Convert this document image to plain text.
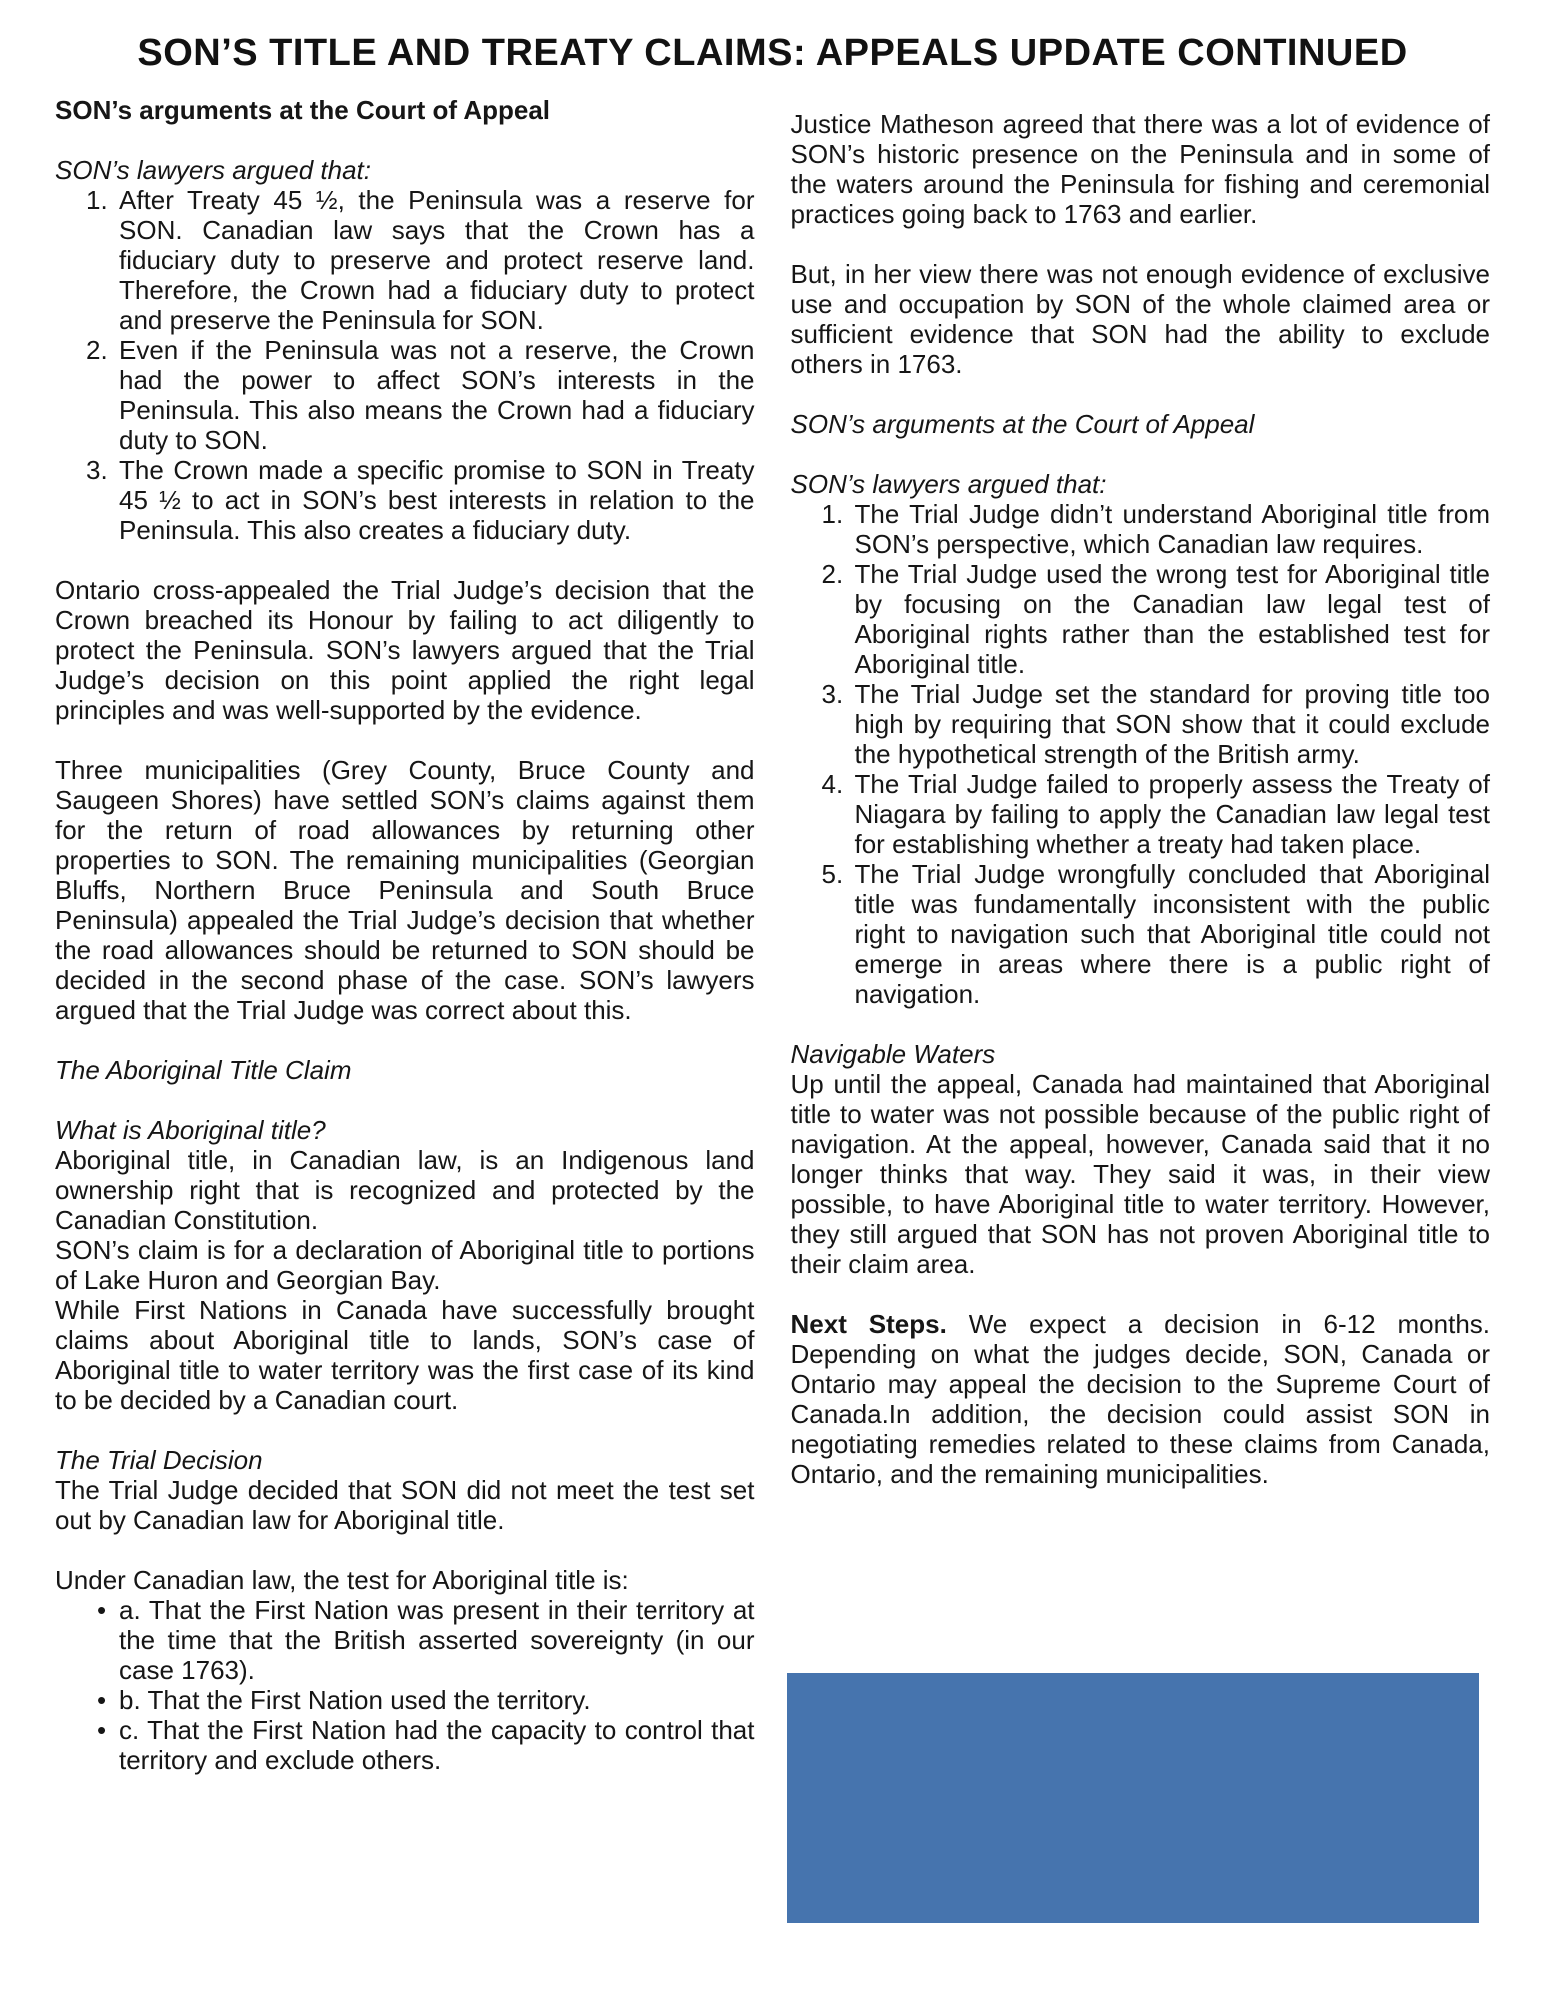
SON’S TITLE AND TREATY CLAIMS: APPEALS UPDATE CONTINUED

SON’s arguments at the Court of Appeal

SON’s lawyers argued that:

1. After Treaty 45 ½, the Peninsula was a reserve for SON. Canadian law says that the Crown has a fiduciary duty to preserve and protect reserve land. Therefore, the Crown had a fiduciary duty to protect and preserve the Peninsula for SON.
2. Even if the Peninsula was not a reserve, the Crown had the power to affect SON’s interests in the Peninsula. This also means the Crown had a fiduciary duty to SON.
3. The Crown made a specific promise to SON in Treaty 45 ½ to act in SON’s best interests in relation to the Peninsula. This also creates a fiduciary duty.

Ontario cross-appealed the Trial Judge’s decision that the Crown breached its Honour by failing to act diligently to protect the Peninsula. SON’s lawyers argued that the Trial Judge’s decision on this point applied the right legal principles and was well-supported by the evidence.

Three municipalities (Grey County, Bruce County and Saugeen Shores) have settled SON’s claims against them for the return of road allowances by returning other properties to SON. The remaining municipalities (Georgian Bluffs, Northern Bruce Peninsula and South Bruce Peninsula) appealed the Trial Judge’s decision that whether the road allowances should be returned to SON should be decided in the second phase of the case. SON’s lawyers argued that the Trial Judge was correct about this.

The Aboriginal Title Claim

What is Aboriginal title?

Aboriginal title, in Canadian law, is an Indigenous land ownership right that is recognized and protected by the Canadian Constitution.

SON’s claim is for a declaration of Aboriginal title to portions of Lake Huron and Georgian Bay.

While First Nations in Canada have successfully brought claims about Aboriginal title to lands, SON’s case of Aboriginal title to water territory was the first case of its kind to be decided by a Canadian court.

The Trial Decision

The Trial Judge decided that SON did not meet the test set out by Canadian law for Aboriginal title.

Under Canadian law, the test for Aboriginal title is:

• a. That the First Nation was present in their territory at the time that the British asserted sovereignty (in our case 1763).
• b. That the First Nation used the territory.
• c. That the First Nation had the capacity to control that territory and exclude others.

Justice Matheson agreed that there was a lot of evidence of SON’s historic presence on the Peninsula and in some of the waters around the Peninsula for fishing and ceremonial practices going back to 1763 and earlier.

But, in her view there was not enough evidence of exclusive use and occupation by SON of the whole claimed area or sufficient evidence that SON had the ability to exclude others in 1763.

SON’s arguments at the Court of Appeal

SON’s lawyers argued that:

1. The Trial Judge didn’t understand Aboriginal title from SON’s perspective, which Canadian law requires.
2. The Trial Judge used the wrong test for Aboriginal title by focusing on the Canadian law legal test of Aboriginal rights rather than the established test for Aboriginal title.
3. The Trial Judge set the standard for proving title too high by requiring that SON show that it could exclude the hypothetical strength of the British army.
4. The Trial Judge failed to properly assess the Treaty of Niagara by failing to apply the Canadian law legal test for establishing whether a treaty had taken place.
5. The Trial Judge wrongfully concluded that Aboriginal title was fundamentally inconsistent with the public right to navigation such that Aboriginal title could not emerge in areas where there is a public right of navigation.

Navigable Waters

Up until the appeal, Canada had maintained that Aboriginal title to water was not possible because of the public right of navigation. At the appeal, however, Canada said that it no longer thinks that way. They said it was, in their view possible, to have Aboriginal title to water territory. However, they still argued that SON has not proven Aboriginal title to their claim area.

Next Steps. We expect a decision in 6-12 months. Depending on what the judges decide, SON, Canada or Ontario may appeal the decision to the Supreme Court of Canada.In addition, the decision could assist SON in negotiating remedies related to these claims from Canada, Ontario, and the remaining municipalities.
